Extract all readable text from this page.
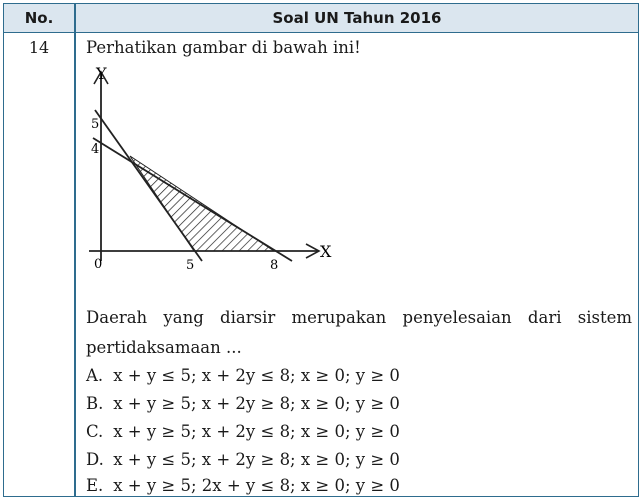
No.	Soal UN Tahun 2016
14	Perhatikan gambar di bawah ini!
Y
X
5
4
0	5	8
Daerah yang diarsir merupakan penyelesaian dari sistem
pertidaksamaan ...
A. x + y ≤ 5; x + 2y ≤ 8; x ≥ 0; y ≥ 0
B. x + y ≥ 5; x + 2y ≥ 8; x ≥ 0; y ≥ 0
C. x + y ≥ 5; x + 2y ≤ 8; x ≥ 0; y ≥ 0
D. x + y ≤ 5; x + 2y ≥ 8; x ≥ 0; y ≥ 0
E. x + y ≥ 5; 2x + y ≤ 8; x ≥ 0; y ≥ 0
